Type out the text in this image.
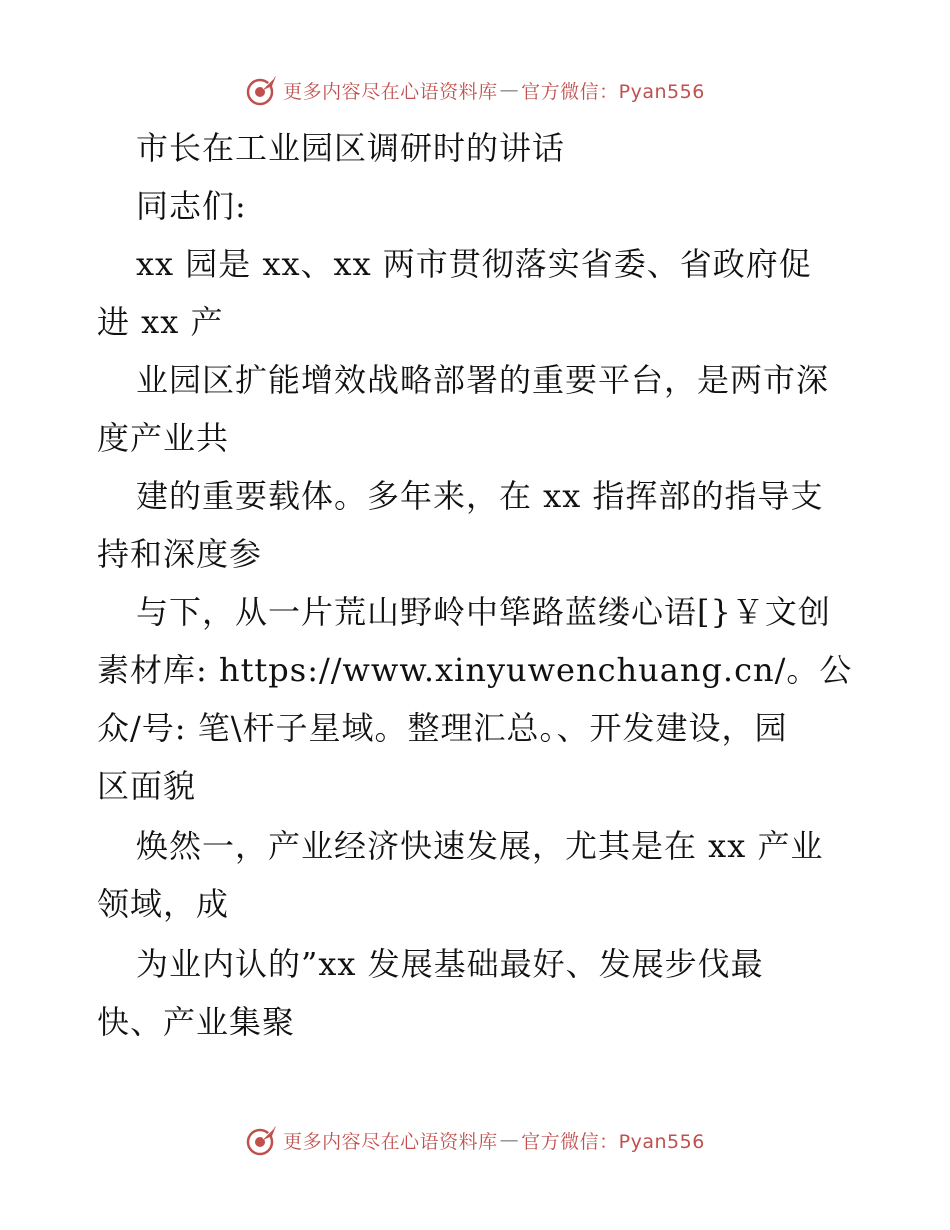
更多内容尽在心语资料库 — 官方微信：Pyan556
市长在工业园区调研时的讲话
同志们:
xx 园是 xx、xx 两市贯彻落实省委、省政府促
进 xx 产
业园区扩能增效战略部署的重要平台，是两市深
度产业共
建的重要载体。多年来，在 xx 指挥部的指导支
持和深度参
与下，从一片荒山野岭中筚路蓝缕心语[}￥文创
素材库: https://www.xinyuwenchuang.cn/。公
众/号: 笔\杆子星域。整理汇总。、开发建设，园
区面貌
焕然一，产业经济快速发展，尤其是在 xx 产业
领域，成
为业内认的”xx 发展基础最好、发展步伐最
快、产业集聚
更多内容尽在心语资料库 — 官方微信：Pyan556
